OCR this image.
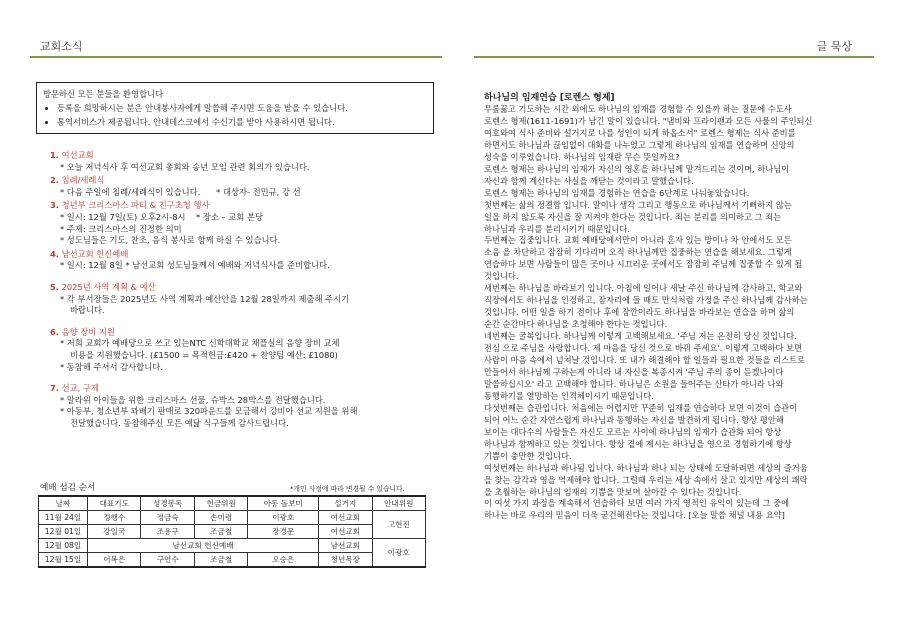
교회소식	글 묵상
방문하신 모든 분들을 환영합니다
• 등록을 희망하시는 분은 안내봉사자에게 말씀해 주시면 도움을 받을 수 있습니다.
• 통역서비스가 제공됩니다. 안내데스크에서 수신기를 받아 사용하시면 됩니다.
1. 여선교회
* 오늘 저녁식사 후 여선교회 총회와 송년 모임 관련 회의가 있습니다.
2. 침례/세례식
* 다음 주일에 침례/세례식이 있습니다.      * 대상자- 전민규, 강 선
3. 청년부 크리스마스 파티 & 친구초청 행사
* 일시: 12월 7일(토) 오후2시-8시    * 장소 – 교회 본당
* 주제: 크리스마스의 진정한 의미
* 성도님들은 기도, 찬조, 음식 봉사로 함께 하실 수 있습니다.
4. 남선교회 헌신예배
* 일시: 12월 8일 * 남선교회 성도님들께서 예배와 저녁식사를 준비합니다.
5. 2025년 사역 계획 & 예산
* 각 부서장들은 2025년도 사역 계획과 예산안을 12월 28일까지 제출해 주시기
바랍니다.
6. 음향 장비 지원
* 저희 교회가 예배당으로 쓰고 있는NTC 신학대학교 채플실의 음향 장비 교체
비용을 지원했습니다. (£1500 = 목적헌금:£420 + 찬양팀 예산: £1080)
* 동참해 주셔서 감사합니다.
7. 선교, 구제
* 말라위 아이들을 위한 크리스마스 선물, 슈박스 28박스를 전달했습니다.
* 아동부, 청소년부 꽈배기 판매로 320파운드를 모금해서 강비아 선교 지원을 위해
전달했습니다. 동참해주신 모든 예닮 식구들께 감사드립니다.
예배 섬김 순서	*개인 사정에 따라 변경될 수 있습니다.
날짜	대표기도	성경봉독	헌금위원	아동 돌보미	설거지	안내위원
11월 24일	정행수	정금숙	손미령	이광호	여선교회	고현진
12월 01일	강일국	조용구	조금철	장경문	여선교회	
12월 08일	남선교회 헌신예배				남선교회	이광호
12월 15일	이복은	구연수	조금철	오승은	청년목장	
하나님의 임재연습 [로렌스 형제]

무릎꿇고 기도하는 시간 외에도 하나님의 임재를 경험할 수 있을까 하는 질문에 수도사

로렌스 형제(1611-1691)가 남긴 말이 있습니다. "냄비와 프라이팬과 모든 사물의 주인되신

여호와여 식사 준비와 설거지로 나를 성인이 되게 하옵소서" 로렌스 형제는 식사 준비를

하면서도 하나님과 끊임없이 대화를 나누었고 그렇게 하나님의 임재를 연습하며 신앙의

성숙을 이루었습니다. 하나님의 임재란 무슨 뜻일까요?

로렌스 형제는 하나님의 임재가 자신의 영혼을 하나님께 맡겨드리는 것이며, 하나님이

자신과 함께 계신다는 사실을 깨닫는 것이라고 말했습니다.

로렌스 형제는 하나님의 임재를 경험하는 연습을 6단계로 나눠놓았습니다.

첫번째는 삶의 정결함 입니다. 말이나 생각 그리고 행동으로 하나님께서 기뻐하지 않는

일을 하지 않도록 자신을 잘 지켜야 한다는 것입니다. 죄는 분리를 의미하고 그 죄는

하나님과 우리를 분리시키기 때문입니다.

두번째는 집중입니다. 교회 예배당에서만이 아니라 혼자 있는 방이나 차 안에서도 모든

소음 을 차단하고 잠잠히 기다리며 오직 하나님께만 집중하는 연습을 해보세요. 그렇게

연습하다 보면 사람들이 많은 곳이나 시끄러운 곳에서도 잠잠히 주님께 집중할 수 있게 될

것입니다.

세번째는 하나님을 바라보기 입니다. 아침에 일어나 새날 주신 하나님께 감사하고, 학교와

직장에서도 하나님을 인정하고, 잠자리에 들 때도 만식처럼 가정을 주신 하나님께 감사하는

것입니다. 어떤 일을 하기 전이나 후에 잠깐이라도 하나님을 바라보는 연습을 하며 삶의

순간 순간마다 하나님을 초청해야 한다는 것입니다.

네번째는 굴복입니다. 하나님께 이렇게 고백해보세요. '주님 저는 온전히 당신 것입니다.

전심 으로 주님을 사랑합니다. 제 마음을 당신 것으로 바꿔 주세요'. 이렇게 고백하다 보면

사람이 마음 속에서 넘쳐날 것입니다. 또 내가 해결해야 할 일들과 필요한 것들을 리스트로

만들어서 하나님께 구하는게 아니라 내 자신을 복종시켜 '주님 주의 종이 듣겠나이다

말씀하십시오' 라고 고백해야 합니다. 하나님은 소원을 들어주는 산타가 아니라 나와

동행하기를 열망하는 인격체이시기 때문입니다.

다섯번째는 습관입니다. 처음에는 어렵지만 꾸준히 임재를 연습하다 보면 이것이 습관이

되어 어느 순간 자연스럽게 하나님과 동행하는 자신을 발견하게 됩니다. 항상 평안해

보이는 대다수의 사람들은 자신도 모르는 사이에 하나님의 임재가 습관화 되어 항상

하나님과 함께하고 있는 것입니다. 항상 곁에 계시는 하나님을 영으로 경험하기에 항상

기쁨이 충만한 것입니다.

여섯번째는 하나님과 하나됨 입니다. 하나님과 하나 되는 상태에 도달하려면 세상의 즐거움

을 찾는 감각과 영을 억제해야 합니다. 그럴때 우리는 세상 속에서 살고 있지만 세상의 쾌락

을 초월하는 하나님의 임재의 기쁨을 맛보며 살아갈 수 있다는 것입니다.

이 여섯 가지 과정을 계속해서 연습하다 보면 여러 가지 영적인 유익이 있는데 그 중에

하나는 바로 우리의 믿음이 더욱 굳건해진다는 것입니다. [오늘 말씀 채널 내용 요약]
